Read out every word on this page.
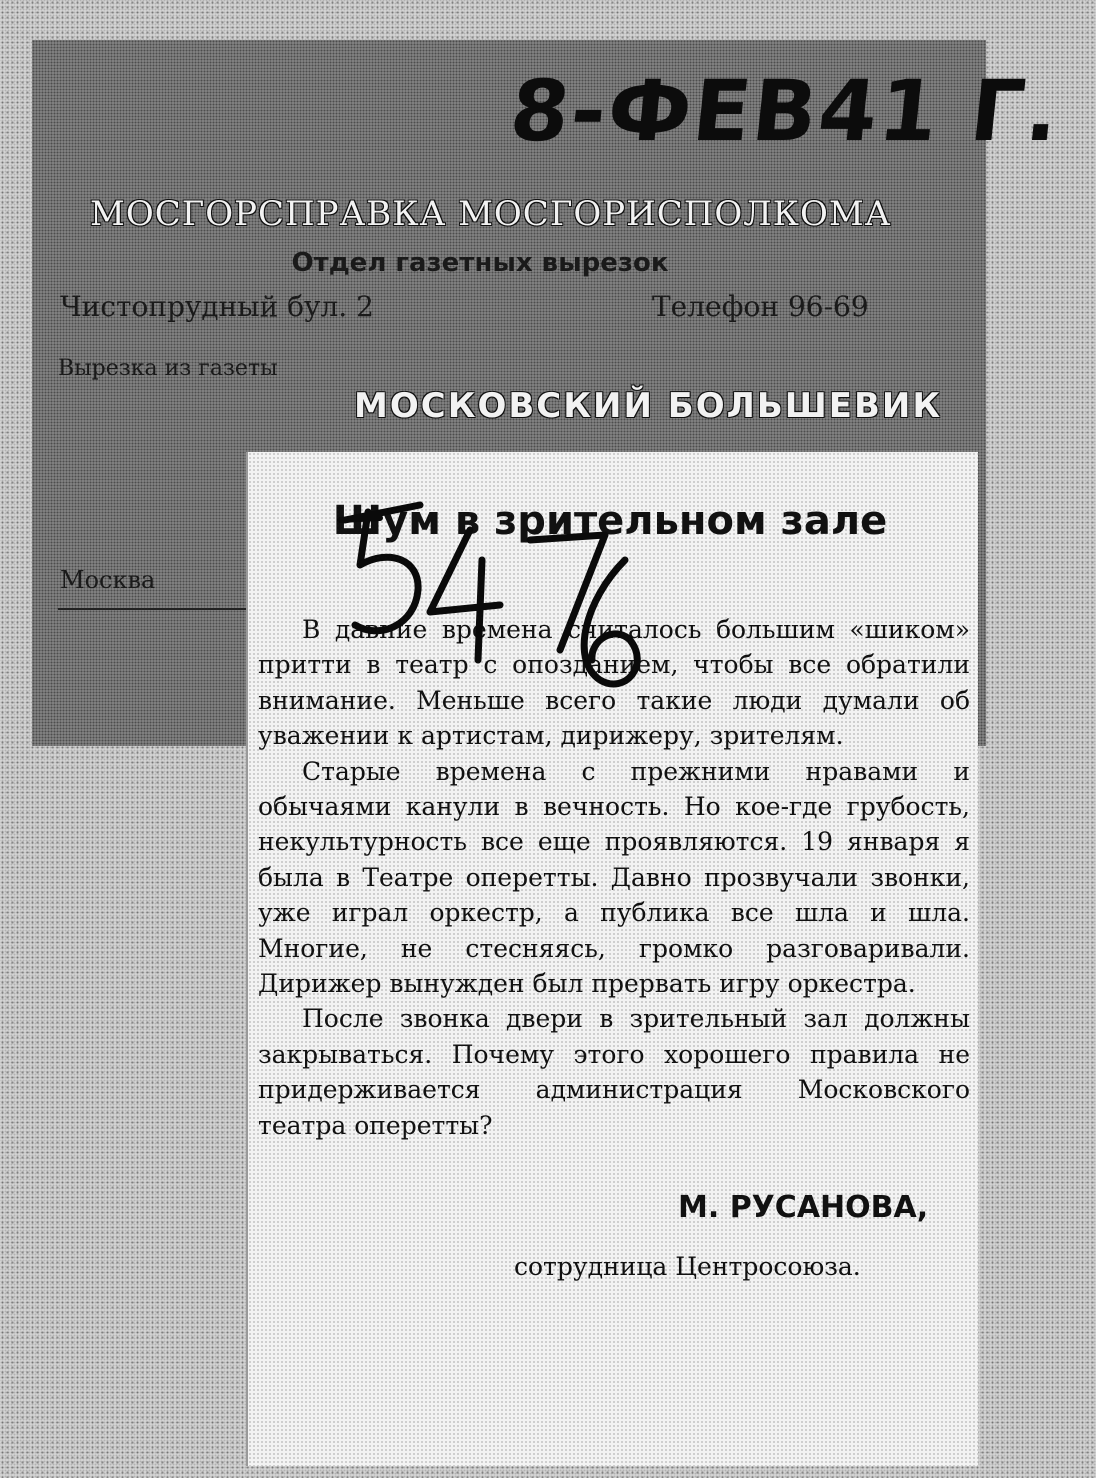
8-ФЕВ41 Г.
МОСГОРСПРАВКА МОСГОРИСПОЛКОМА
Отдел газетных вырезок
Чистопрудный бул. 2	Телефон 96-69
Вырезка из газеты
МОСКОВСКИЙ БОЛЬШЕВИК
Москва
Шум в зрительном зале

В давние времена считалось большим «шиком» притти в театр с опозданием, чтобы все обратили внимание. Меньше всего такие люди думали об уважении к артистам, дирижеру, зрителям.

Старые времена с прежними нравами и обычаями канули в вечность. Но кое-где грубость, некультурность все еще проявляются. 19 января я была в Театре оперетты. Давно прозвучали звонки, уже играл оркестр, а публика все шла и шла. Многие, не стесняясь, громко разговаривали. Дирижер вынужден был прервать игру оркестра.

После звонка двери в зрительный зал должны закрываться. Почему этого хорошего правила не придерживается администрация Московского театра оперетты?

М. РУСАНОВА,
сотрудница Центросоюза.
